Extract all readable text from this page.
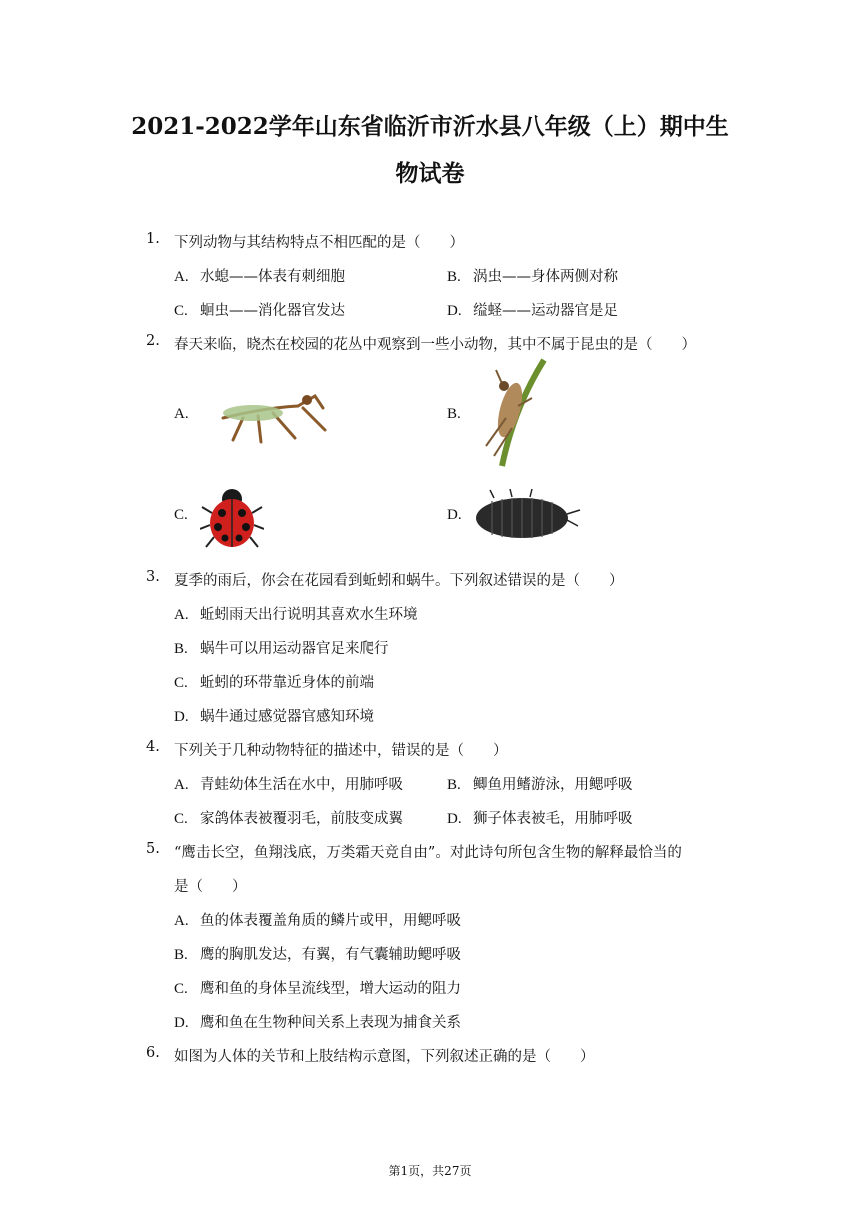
2021-2022学年山东省临沂市沂水县八年级（上）期中生
物试卷
1. 下列动物与其结构特点不相匹配的是（　　）
A. 水螅——体表有刺细胞	B. 涡虫——身体两侧对称
C. 蛔虫——消化器官发达	D. 缢蛏——运动器官是足
2. 春天来临，晓杰在校园的花丛中观察到一些小动物，其中不属于昆虫的是（　　）
A.	B.
C.	D.
3. 夏季的雨后，你会在花园看到蚯蚓和蜗牛。下列叙述错误的是（　　）
A. 蚯蚓雨天出行说明其喜欢水生环境
B. 蜗牛可以用运动器官足来爬行
C. 蚯蚓的环带靠近身体的前端
D. 蜗牛通过感觉器官感知环境
4. 下列关于几种动物特征的描述中，错误的是（　　）
A. 青蛙幼体生活在水中，用肺呼吸	B. 鲫鱼用鳍游泳，用鳃呼吸
C. 家鸽体表被覆羽毛，前肢变成翼	D. 狮子体表被毛，用肺呼吸
5. “鹰击长空，鱼翔浅底，万类霜天竞自由”。对此诗句所包含生物的解释最恰当的
是（　　）
A. 鱼的体表覆盖角质的鳞片或甲，用鳃呼吸
B. 鹰的胸肌发达，有翼，有气囊辅助鳃呼吸
C. 鹰和鱼的身体呈流线型，增大运动的阻力
D. 鹰和鱼在生物种间关系上表现为捕食关系
6. 如图为人体的关节和上肢结构示意图，下列叙述正确的是（　　）
第1页，共27页
